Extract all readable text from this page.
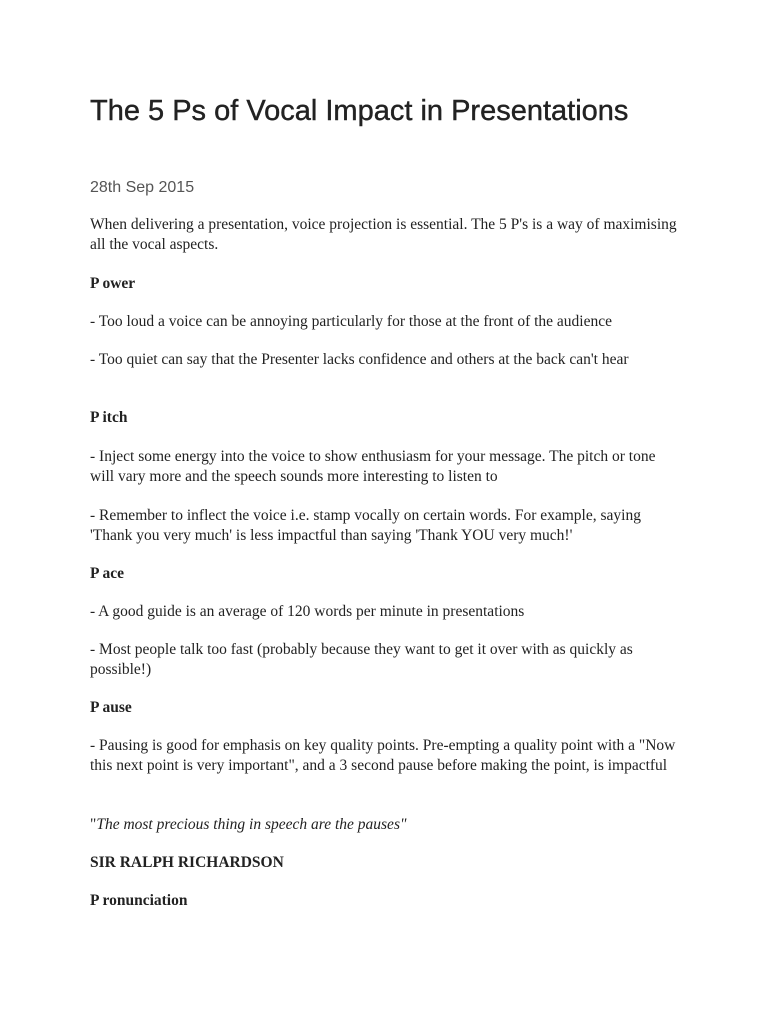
The 5 Ps of Vocal Impact in Presentations
28th Sep 2015

When delivering a presentation, voice projection is essential. The 5 P's is a way of maximising all the vocal aspects.

P ower

- Too loud a voice can be annoying particularly for those at the front of the audience

- Too quiet can say that the Presenter lacks confidence and others at the back can't hear

P itch

- Inject some energy into the voice to show enthusiasm for your message. The pitch or tone will vary more and the speech sounds more interesting to listen to

- Remember to inflect the voice i.e. stamp vocally on certain words. For example, saying 'Thank you very much' is less impactful than saying 'Thank YOU very much!'

P ace

- A good guide is an average of 120 words per minute in presentations

- Most people talk too fast (probably because they want to get it over with as quickly as possible!)

P ause

- Pausing is good for emphasis on key quality points. Pre-empting a quality point with a "Now this next point is very important", and a 3 second pause before making the point, is impactful

"The most precious thing in speech are the pauses"

SIR RALPH RICHARDSON

P ronunciation
